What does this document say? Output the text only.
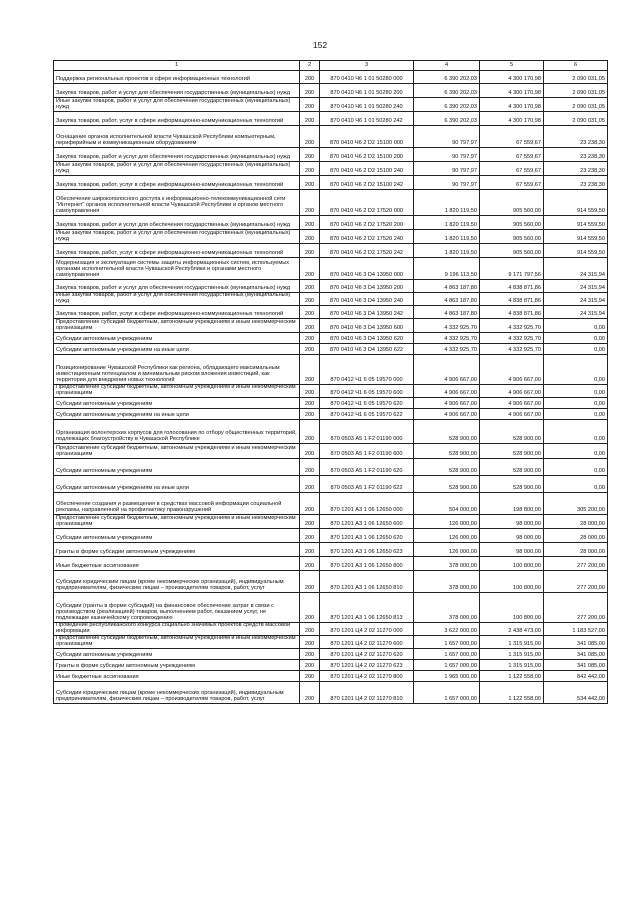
152
1	2	3	4	5	6
Поддержка региональных проектов в сфере информационных технологий	200	870 0410 Ч6 1 01 50280 000	6 390 202,03	4 300 170,98	2 090 031,05
Закупка товаров, работ и услуг для обеспечения государственных (муниципальных) нужд	200	870 0410 Ч6 1 01 50280 200	6 390 202,03	4 300 170,98	2 090 031,05
Иные закупки товаров, работ и услуг для обеспечения государственных (муниципальных) нужд	200	870 0410 Ч6 1 01 50280 240	6 390 202,03	4 300 170,98	2 090 031,05
Закупка товаров, работ, услуг в сфере информационно-коммуникационных технологий	200	870 0410 Ч6 1 01 50280 242	6 390 202,03	4 300 170,98	2 090 031,05
Оснащение органов исполнительной власти Чувашской Республики компьютерным, периферийным и коммуникационным оборудованием	200	870 0410 Ч6 2 D2 15100 000	90 797,97	67 559,67	23 238,30
Закупка товаров, работ и услуг для обеспечения государственных (муниципальных) нужд	200	870 0410 Ч6 2 D2 15100 200	90 797,97	67 559,67	23 238,30
Иные закупки товаров, работ и услуг для обеспечения государственных (муниципальных) нужд	200	870 0410 Ч6 2 D2 15100 240	90 797,97	67 559,67	23 238,30
Закупка товаров, работ, услуг в сфере информационно-коммуникационных технологий	200	870 0410 Ч6 2 D2 15100 242	90 797,97	67 559,67	23 238,30
Обеспечение широкополосного доступа к информационно-телекоммуникационной сети "Интернет" органов исполнительной власти Чувашской Республики и органов местного самоуправления	200	870 0410 Ч6 2 D2 17520 000	1 820 119,50	905 560,00	914 559,50
Закупка товаров, работ и услуг для обеспечения государственных (муниципальных) нужд	200	870 0410 Ч6 2 D2 17520 200	1 820 119,50	905 560,00	914 559,50
Иные закупки товаров, работ и услуг для обеспечения государственных (муниципальных) нужд	200	870 0410 Ч6 2 D2 17520 240	1 820 119,50	905 560,00	914 559,50
Закупка товаров, работ, услуг в сфере информационно-коммуникационных технологий	200	870 0410 Ч6 2 D2 17520 242	1 820 119,50	905 560,00	914 559,50
Модернизация и эксплуатация системы защиты информационных систем, используемых органами исполнительной власти Чувашской Республики и органами местного самоуправления	200	870 0410 Ч6 3 D4 13950 000	9 196 113,50	9 171 797,56	24 315,94
Закупка товаров, работ и услуг для обеспечения государственных (муниципальных) нужд	200	870 0410 Ч6 3 D4 13950 200	4 863 187,80	4 838 871,86	24 315,94
Иные закупки товаров, работ и услуг для обеспечения государственных (муниципальных) нужд	200	870 0410 Ч6 3 D4 13950 240	4 863 187,80	4 838 871,86	24 315,94
Закупка товаров, работ, услуг в сфере информационно-коммуникационных технологий	200	870 0410 Ч6 3 D4 13950 242	4 863 187,80	4 838 871,86	24 315,94
Предоставление субсидий бюджетным, автономным учреждениям и иным некоммерческим организациям	200	870 0410 Ч6 3 D4 13950 600	4 332 925,70	4 332 925,70	0,00
Субсидии автономным учреждениям	200	870 0410 Ч6 3 D4 13950 620	4 332 925,70	4 332 925,70	0,00
Субсидии автономным учреждениям на иные цели	200	870 0410 Ч6 3 D4 13950 622	4 332 925,70	4 332 925,70	0,00
Позиционирование Чувашской Республики как региона, обладающего максимальным инвестиционным потенциалом и минимальным риском вложения инвестиций, как территории для внедрения новых технологий	200	870 0412 Ч1 6 05 19570 000	4 906 667,00	4 906 667,00	0,00
Предоставление субсидий бюджетным, автономным учреждениям и иным некоммерческим организациям	200	870 0412 Ч1 6 05 19570 600	4 906 667,00	4 906 667,00	0,00
Субсидии автономным учреждениям	200	870 0412 Ч1 6 05 19570 620	4 906 667,00	4 906 667,00	0,00
Субсидии автономным учреждениям на иные цели	200	870 0412 Ч1 6 05 19570 622	4 906 667,00	4 906 667,00	0,00
Организация волонтерских корпусов для голосования по отбору общественных территорий, подлежащих благоустройству в Чувашской Республике	200	870 0503 А5 1 F2 01190 000	528 900,00	528 900,00	0,00
Предоставление субсидий бюджетным, автономным учреждениям и иным некоммерческим организациям	200	870 0503 А5 1 F2 01190 600	528 900,00	528 900,00	0,00
Субсидии автономным учреждениям	200	870 0503 А5 1 F2 01190 620	528 900,00	528 900,00	0,00
Субсидии автономным учреждениям на иные цели	200	870 0503 А5 1 F2 01190 622	528 900,00	528 900,00	0,00
Обеспечение создания и размещения в средствах массовой информации социальной рекламы, направленной на профилактику правонарушений	200	870 1201 А3 1 06 12650 000	504 000,00	198 800,00	305 200,00
Предоставление субсидий бюджетным, автономным учреждениям и иным некоммерческим организациям	200	870 1201 А3 1 06 12650 600	126 000,00	98 000,00	28 000,00
Субсидии автономным учреждениям	200	870 1201 А3 1 06 12650 620	126 000,00	98 000,00	28 000,00
Гранты в форме субсидии автономным учреждениям	200	870 1201 А3 1 06 12650 623	126 000,00	98 000,00	28 000,00
Иные бюджетные ассигнования	200	870 1201 А3 1 06 12650 800	378 000,00	100 800,00	277 200,00
Субсидии юридическим лицам (кроме некоммерческих организаций), индивидуальным предпринимателям, физическим лицам – производителям товаров, работ, услуг	200	870 1201 А3 1 06 12650 810	378 000,00	100 800,00	277 200,00
Субсидии (гранты в форме субсидий) на финансовое обеспечение затрат в связи с производством (реализацией) товаров, выполнением работ, оказанием услуг, не подлежащие казначейскому сопровождению	200	870 1201 А3 1 06 12650 813	378 000,00	100 800,00	277 200,00
Проведение республиканского конкурса социально значимых проектов средств массовой информации	200	870 1201 Ц4 2 02 11270 000	3 622 000,00	2 438 473,00	1 183 527,00
Предоставление субсидий бюджетным, автономным учреждениям и иным некоммерческим организациям	200	870 1201 Ц4 2 02 11270 600	1 657 000,00	1 315 915,00	341 085,00
Субсидии автономным учреждениям	200	870 1201 Ц4 2 02 11270 620	1 657 000,00	1 315 915,00	341 085,00
Гранты в форме субсидии автономным учреждениям	200	870 1201 Ц4 2 02 11270 623	1 657 000,00	1 315 915,00	341 085,00
Иные бюджетные ассигнования	200	870 1201 Ц4 2 02 11270 800	1 965 000,00	1 122 558,00	842 442,00
Субсидии юридическим лицам (кроме некоммерческих организаций), индивидуальным предпринимателям, физическим лицам – производителям товаров, работ, услуг	200	870 1201 Ц4 2 02 11270 810	1 657 000,00	1 122 558,00	534 442,00
